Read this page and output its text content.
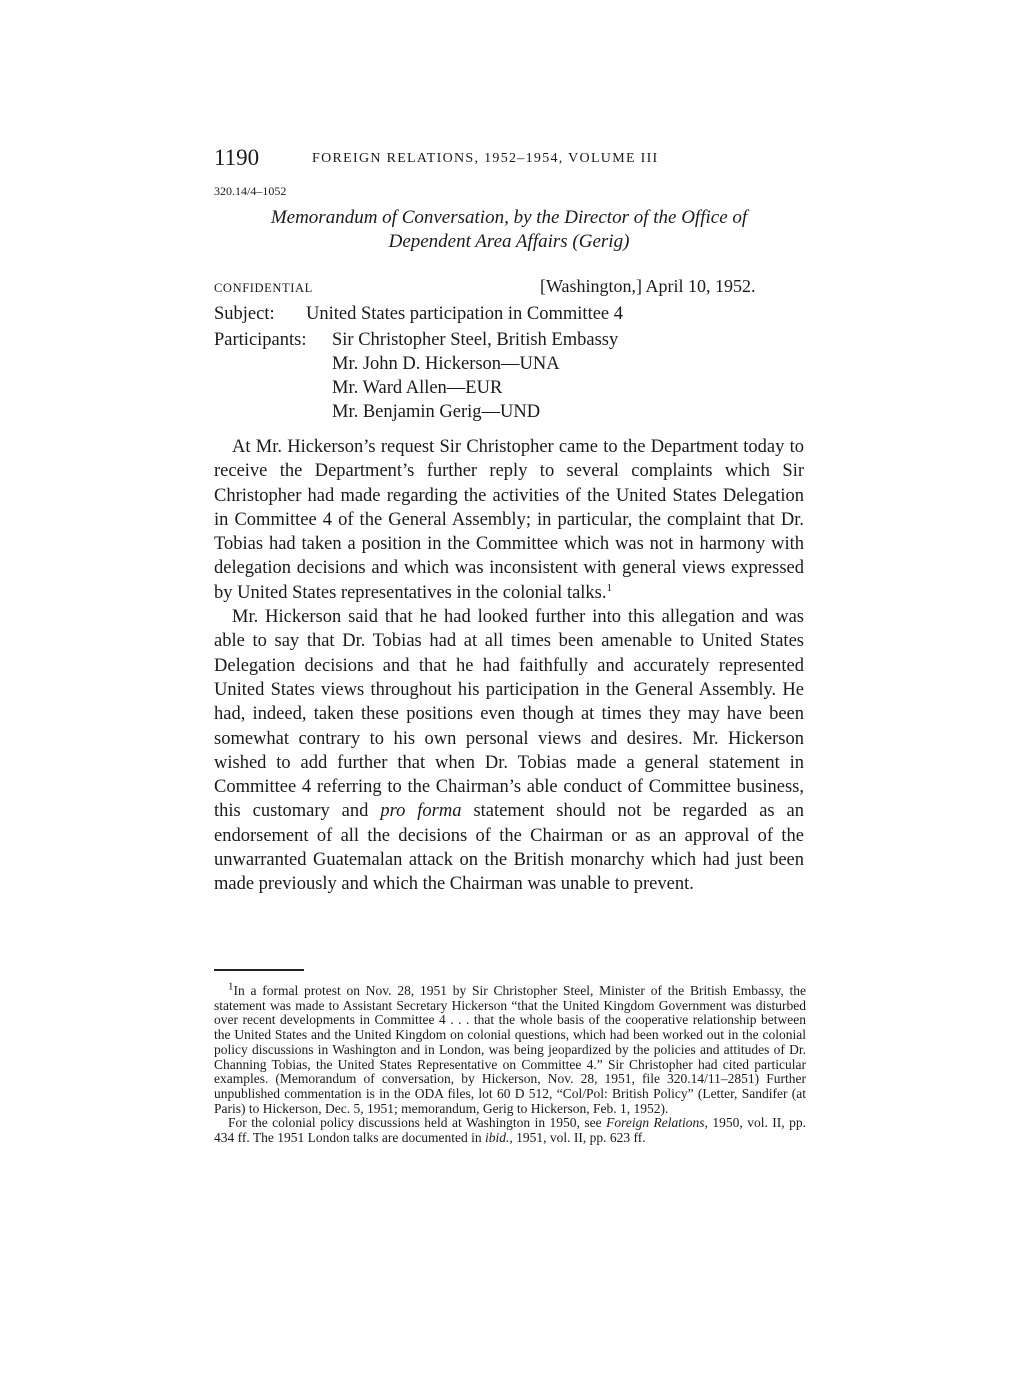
1190	FOREIGN RELATIONS, 1952–1954, VOLUME III
320.14/4–1052
Memorandum of Conversation, by the Director of the Office of
Dependent Area Affairs (Gerig)
CONFIDENTIAL	[Washington,] April 10, 1952.
Subject: United States participation in Committee 4
Participants: Sir Christopher Steel, British Embassy
Mr. John D. Hickerson—UNA
Mr. Ward Allen—EUR
Mr. Benjamin Gerig—UND

At Mr. Hickerson’s request Sir Christopher came to the Department today to receive the Department’s further reply to several complaints which Sir Christopher had made regarding the activities of the United States Delegation in Committee 4 of the General Assembly; in particular, the complaint that Dr. Tobias had taken a position in the Committee which was not in harmony with delegation decisions and which was inconsistent with general views expressed by United States representatives in the colonial talks.$^1$

Mr. Hickerson said that he had looked further into this allegation and was able to say that Dr. Tobias had at all times been amenable to United States Delegation decisions and that he had faithfully and accurately represented United States views throughout his participation in the General Assembly. He had, indeed, taken these positions even though at times they may have been somewhat contrary to his own personal views and desires. Mr. Hickerson wished to add further that when Dr. Tobias made a general statement in Committee 4 referring to the Chairman’s able conduct of Committee business, this customary and pro forma statement should not be regarded as an endorsement of all the decisions of the Chairman or as an approval of the unwarranted Guatemalan attack on the British monarchy which had just been made previously and which the Chairman was unable to prevent.

$^1$In a formal protest on Nov. 28, 1951 by Sir Christopher Steel, Minister of the British Embassy, the statement was made to Assistant Secretary Hickerson “that the United Kingdom Government was disturbed over recent developments in Committee 4 . . . that the whole basis of the cooperative relationship between the United States and the United Kingdom on colonial questions, which had been worked out in the colonial policy discussions in Washington and in London, was being jeopardized by the policies and attitudes of Dr. Channing Tobias, the United States Representative on Committee 4.” Sir Christopher had cited particular examples. (Memorandum of conversation, by Hickerson, Nov. 28, 1951, file 320.14/11–2851) Further unpublished commentation is in the ODA files, lot 60 D 512, “Col/Pol: British Policy” (Letter, Sandifer (at Paris) to Hickerson, Dec. 5, 1951; memorandum, Gerig to Hickerson, Feb. 1, 1952).

For the colonial policy discussions held at Washington in 1950, see Foreign Relations, 1950, vol. II, pp. 434 ff. The 1951 London talks are documented in ibid., 1951, vol. II, pp. 623 ff.
